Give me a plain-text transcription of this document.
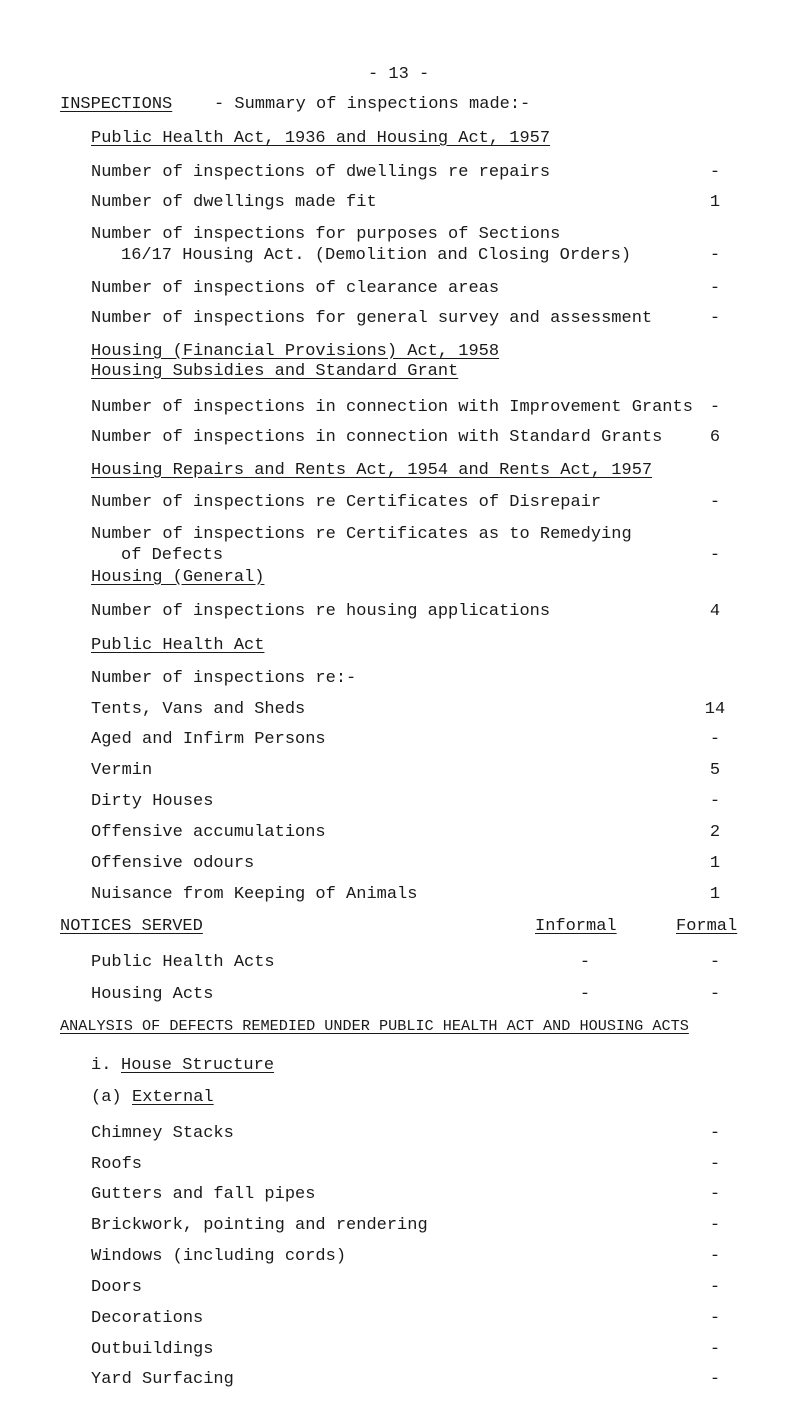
- 13 -
INSPECTIONS - Summary of inspections made:-
Public Health Act, 1936 and Housing Act, 1957
Number of inspections of dwellings re repairs	-
Number of dwellings made fit	1
Number of inspections for purposes of Sections
16/17 Housing Act. (Demolition and Closing Orders)	-
Number of inspections of clearance areas	-
Number of inspections for general survey and assessment	-
Housing (Financial Provisions) Act, 1958
Housing Subsidies and Standard Grant
Number of inspections in connection with Improvement Grants -
Number of inspections in connection with Standard Grants	6
Housing Repairs and Rents Act, 1954 and Rents Act, 1957
Number of inspections re Certificates of Disrepair	-
Number of inspections re Certificates as to Remedying
of Defects	-
Housing (General)
Number of inspections re housing applications	4
Public Health Act
Number of inspections re:-
Tents, Vans and Sheds	14
Aged and Infirm Persons	-
Vermin	5
Dirty Houses	-
Offensive accumulations	2
Offensive odours	1
Nuisance from Keeping of Animals	1
NOTICES SERVED	Informal	Formal
Public Health Acts	-	-
Housing Acts	-	-
ANALYSIS OF DEFECTS REMEDIED UNDER PUBLIC HEALTH ACT AND HOUSING ACTS
i. House Structure
(a) External
Chimney Stacks	-
Roofs	-
Gutters and fall pipes	-
Brickwork, pointing and rendering	-
Windows (including cords)	-
Doors	-
Decorations	-
Outbuildings	-
Yard Surfacing	-
